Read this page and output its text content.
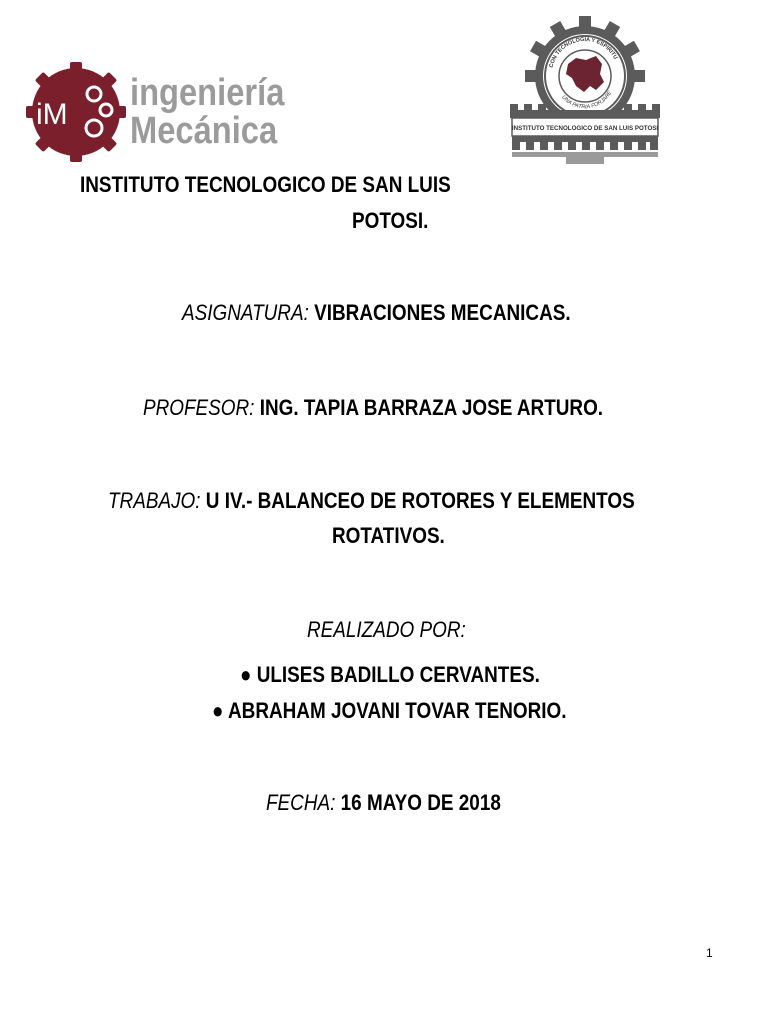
iM
ingeniería
Mecánica
CON TECNOLOGIA Y ESPIRITU
UNA PATRIA FORJARE
INSTITUTO TECNOLOGICO DE SAN LUIS POTOSI
INSTITUTO TECNOLOGICO DE SAN LUIS
POTOSI.
ASIGNATURA: VIBRACIONES MECANICAS.
PROFESOR: ING. TAPIA BARRAZA JOSE ARTURO.
TRABAJO: U IV.- BALANCEO DE ROTORES Y ELEMENTOS
ROTATIVOS.
REALIZADO POR:
● ULISES BADILLO CERVANTES.
● ABRAHAM JOVANI TOVAR TENORIO.
FECHA: 16 MAYO DE 2018
1
